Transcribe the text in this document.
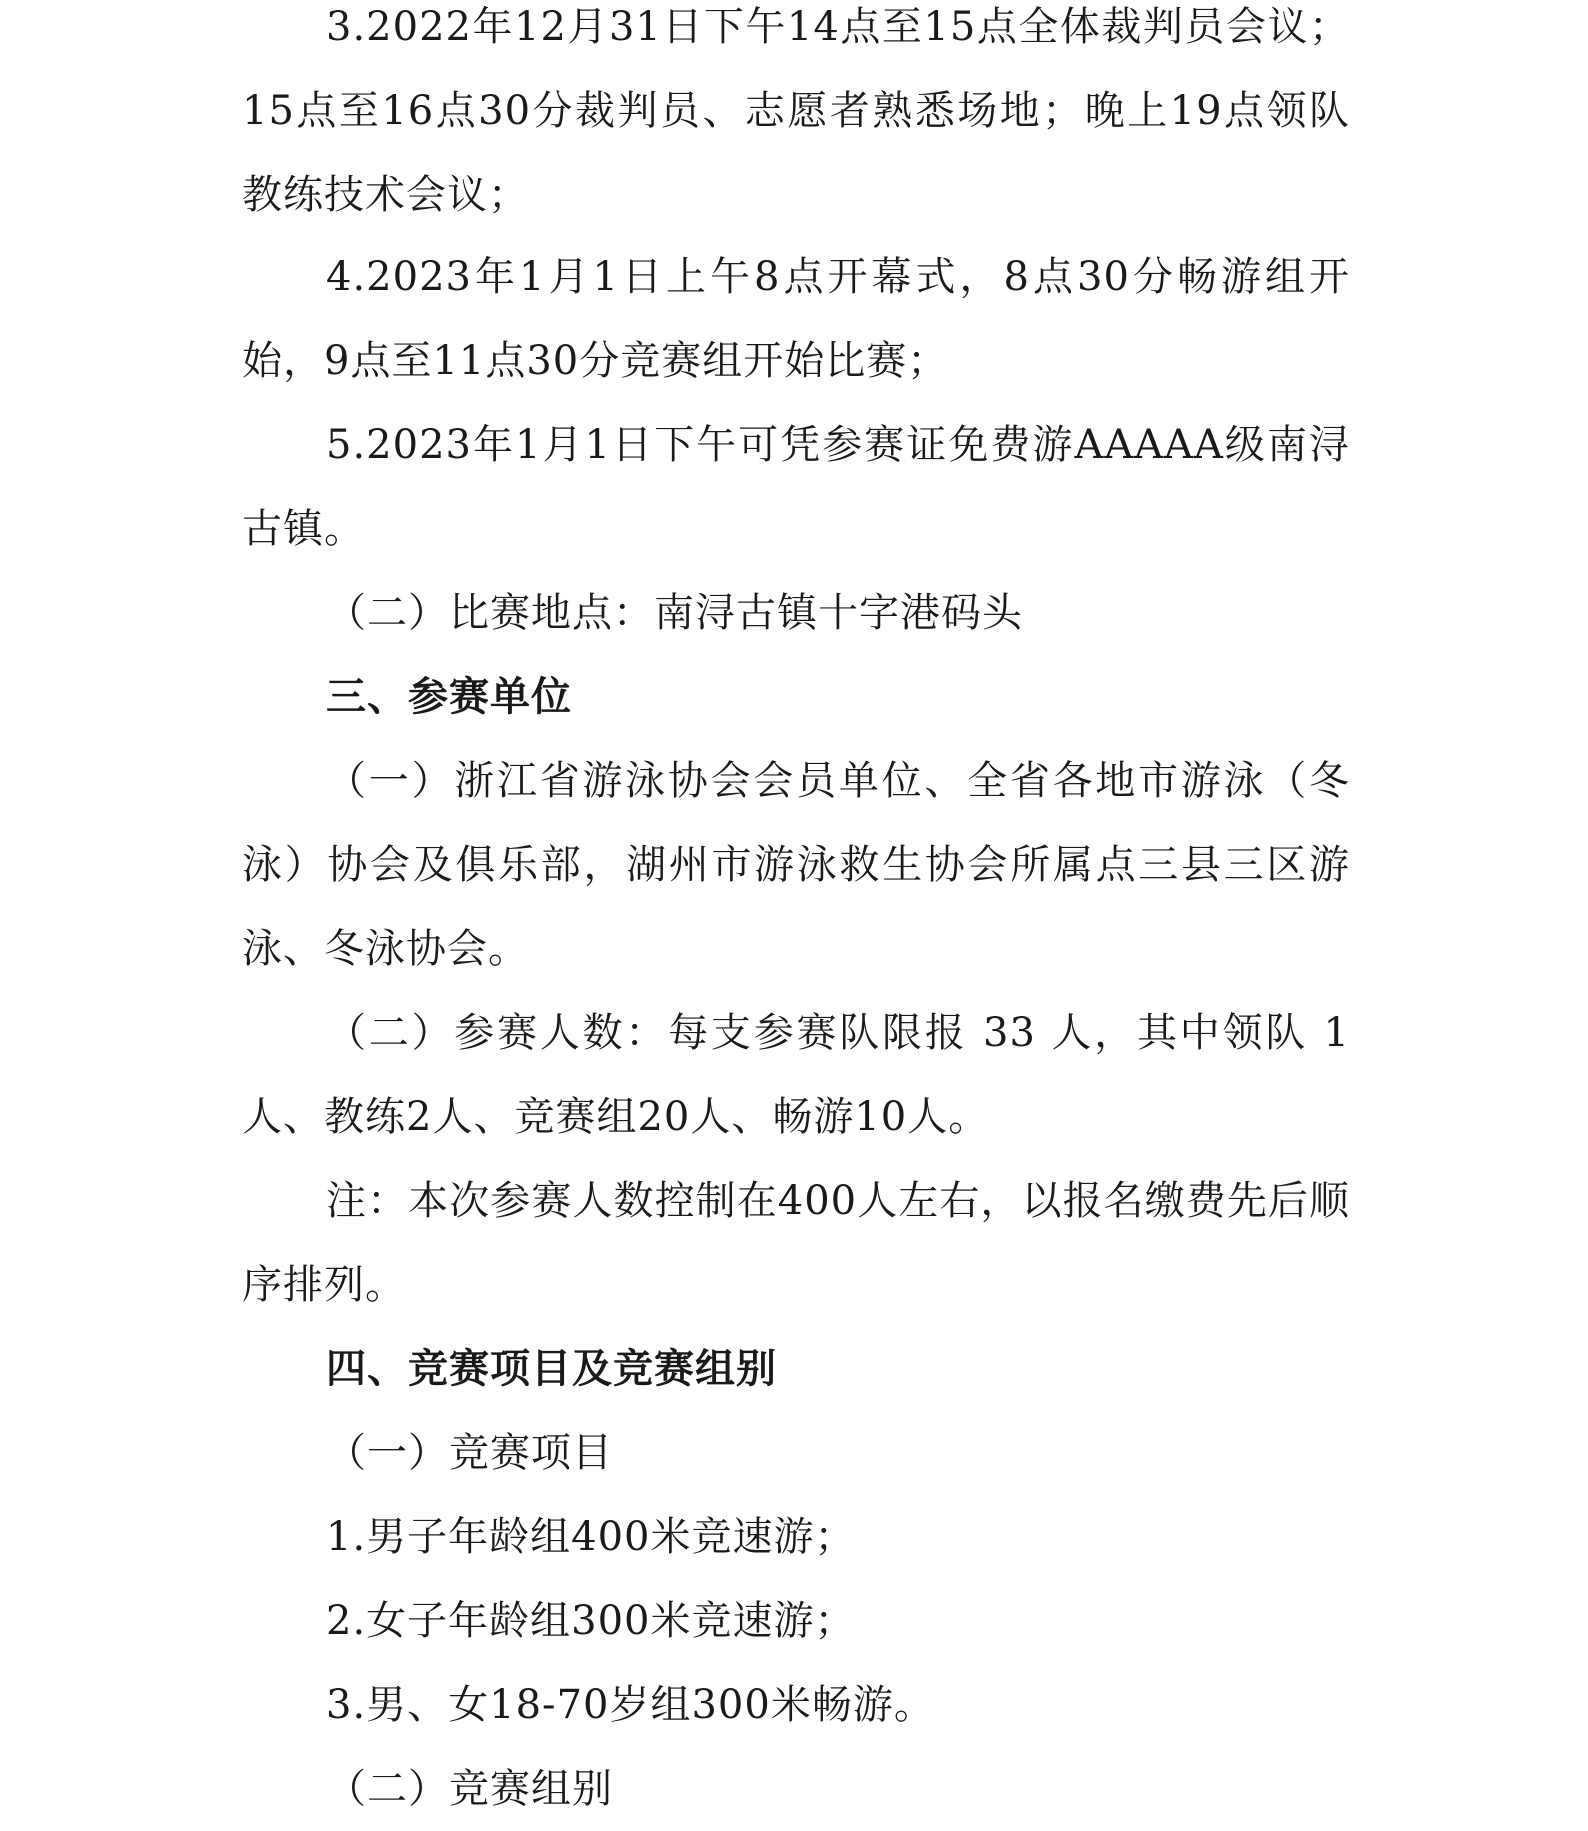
3.2022年12月31日下午14点至15点全体裁判员会议；15点至16点30分裁判员、志愿者熟悉场地；晚上19点领队教练技术会议；

4.2023年1月1日上午8点开幕式，8点30分畅游组开始，9点至11点30分竞赛组开始比赛；

5.2023年1月1日下午可凭参赛证免费游AAAAA级南浔古镇。

（二）比赛地点：南浔古镇十字港码头

三、参赛单位

（一）浙江省游泳协会会员单位、全省各地市游泳（冬泳）协会及俱乐部，湖州市游泳救生协会所属点三县三区游泳、冬泳协会。

（二）参赛人数：每支参赛队限报 33 人，其中领队 1人、教练2人、竞赛组20人、畅游10人。

注：本次参赛人数控制在400人左右，以报名缴费先后顺序排列。

四、竞赛项目及竞赛组别

（一）竞赛项目

1.男子年龄组400米竞速游；

2.女子年龄组300米竞速游；

3.男、女18-70岁组300米畅游。

（二）竞赛组别
